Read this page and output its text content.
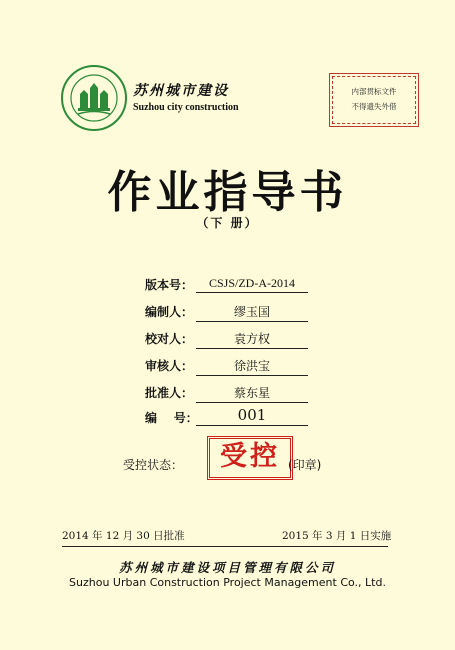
苏州城市建设
Suzhou city construction
内部贯标文件
不得遗失外借
作业指导书
（下 册）
版本号：	CSJS/ZD-A-2014
编制人：	缪玉国
校对人：	袁方权
审核人：	徐洪宝
批准人：	蔡东星
编    号：	001
受控状态：	受控 (印章)
2014 年 12 月 30 日批准	2015 年 3 月 1 日实施
苏州城市建设项目管理有限公司
Suzhou Urban Construction Project Management Co., Ltd.
